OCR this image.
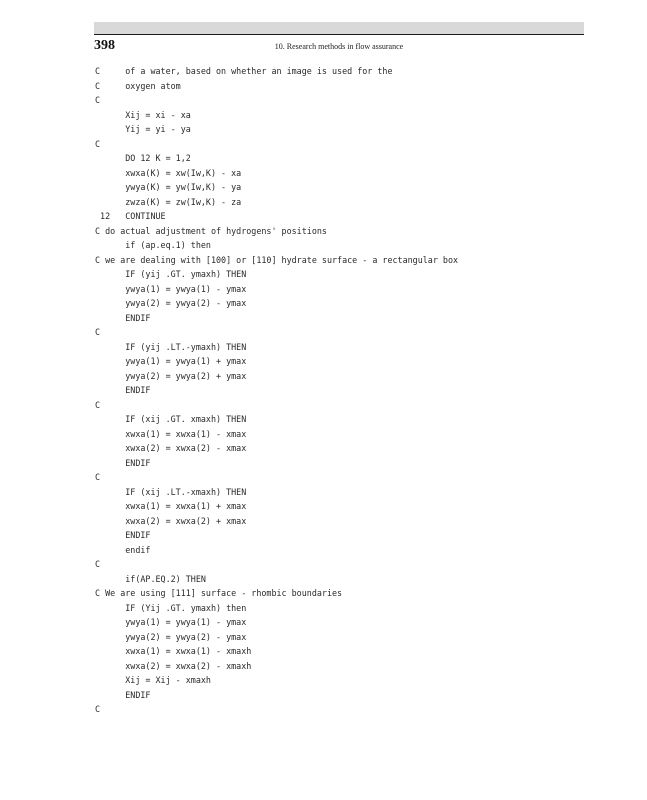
398	10. Research methods in flow assurance
C     of a water, based on whether an image is used for the
C     oxygen atom
C
Xij = xi - xa
Yij = yi - ya
C
DO 12 K = 1,2
xwxa(K) = xw(Iw,K) - xa
ywya(K) = yw(Iw,K) - ya
zwza(K) = zw(Iw,K) - za
12   CONTINUE
C do actual adjustment of hydrogens' positions
if (ap.eq.1) then
C we are dealing with [100] or [110] hydrate surface - a rectangular box
IF (yij .GT. ymaxh) THEN
ywya(1) = ywya(1) - ymax
ywya(2) = ywya(2) - ymax
ENDIF
C
IF (yij .LT.-ymaxh) THEN
ywya(1) = ywya(1) + ymax
ywya(2) = ywya(2) + ymax
ENDIF
C
IF (xij .GT. xmaxh) THEN
xwxa(1) = xwxa(1) - xmax
xwxa(2) = xwxa(2) - xmax
ENDIF
C
IF (xij .LT.-xmaxh) THEN
xwxa(1) = xwxa(1) + xmax
xwxa(2) = xwxa(2) + xmax
ENDIF
endif
C
if(AP.EQ.2) THEN
C We are using [111] surface - rhombic boundaries
IF (Yij .GT. ymaxh) then
ywya(1) = ywya(1) - ymax
ywya(2) = ywya(2) - ymax
xwxa(1) = xwxa(1) - xmaxh
xwxa(2) = xwxa(2) - xmaxh
Xij = Xij - xmaxh
ENDIF
C
